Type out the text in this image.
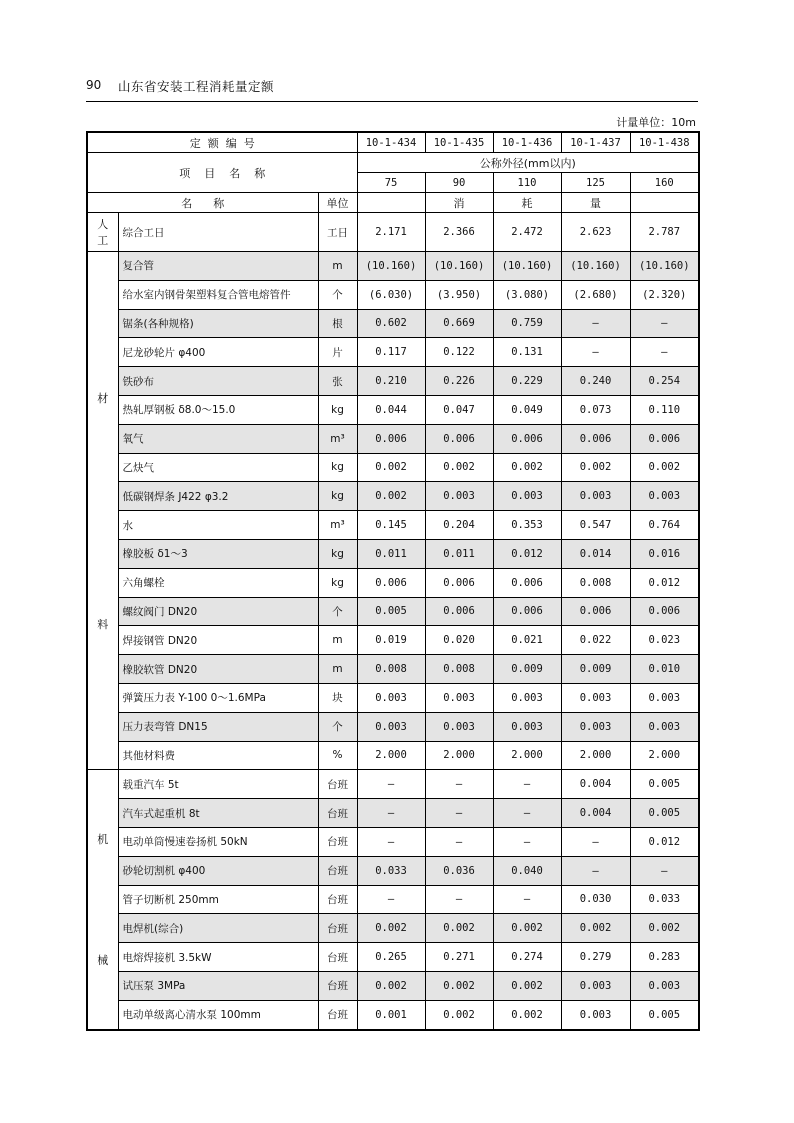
90 山东省安装工程消耗量定额
计量单位：10m
定  额  编  号			10-1-434	10-1-435	10-1-436	10-1-437	10-1-438
项    目    名    称			公称外径(mm以内)				
			75	90	110	125	160
名      称		单位		消	耗	量	

人
工	综合工日	工日	2.171	2.366	2.472	2.623	2.787

材
料	复合管	m	(10.160)	(10.160)	(10.160)	(10.160)	(10.160)
	给水室内钢骨架塑料复合管电熔管件	个	(6.030)	(3.950)	(3.080)	(2.680)	(2.320)
	锯条(各种规格)	根	0.602	0.669	0.759	—	—
	尼龙砂轮片 φ400	片	0.117	0.122	0.131	—	—
	铁砂布	张	0.210	0.226	0.229	0.240	0.254
	热轧厚钢板 δ8.0～15.0	kg	0.044	0.047	0.049	0.073	0.110
	氧气	m³	0.006	0.006	0.006	0.006	0.006
	乙炔气	kg	0.002	0.002	0.002	0.002	0.002
	低碳钢焊条 J422 φ3.2	kg	0.002	0.003	0.003	0.003	0.003
	水	m³	0.145	0.204	0.353	0.547	0.764
	橡胶板 δ1～3	kg	0.011	0.011	0.012	0.014	0.016
	六角螺栓	kg	0.006	0.006	0.006	0.008	0.012
	螺纹阀门 DN20	个	0.005	0.006	0.006	0.006	0.006
	焊接钢管 DN20	m	0.019	0.020	0.021	0.022	0.023
	橡胶软管 DN20	m	0.008	0.008	0.009	0.009	0.010
	弹簧压力表 Y-100 0～1.6MPa	块	0.003	0.003	0.003	0.003	0.003
	压力表弯管 DN15	个	0.003	0.003	0.003	0.003	0.003
	其他材料费	%	2.000	2.000	2.000	2.000	2.000

机
械	载重汽车 5t	台班	—	—	—	0.004	0.005
	汽车式起重机 8t	台班	—	—	—	0.004	0.005
	电动单筒慢速卷扬机 50kN	台班	—	—	—	—	0.012
	砂轮切割机 φ400	台班	0.033	0.036	0.040	—	—
	管子切断机 250mm	台班	—	—	—	0.030	0.033
	电焊机(综合)	台班	0.002	0.002	0.002	0.002	0.002
	电熔焊接机 3.5kW	台班	0.265	0.271	0.274	0.279	0.283
	试压泵 3MPa	台班	0.002	0.002	0.002	0.003	0.003
	电动单级离心清水泵 100mm	台班	0.001	0.002	0.002	0.003	0.005
